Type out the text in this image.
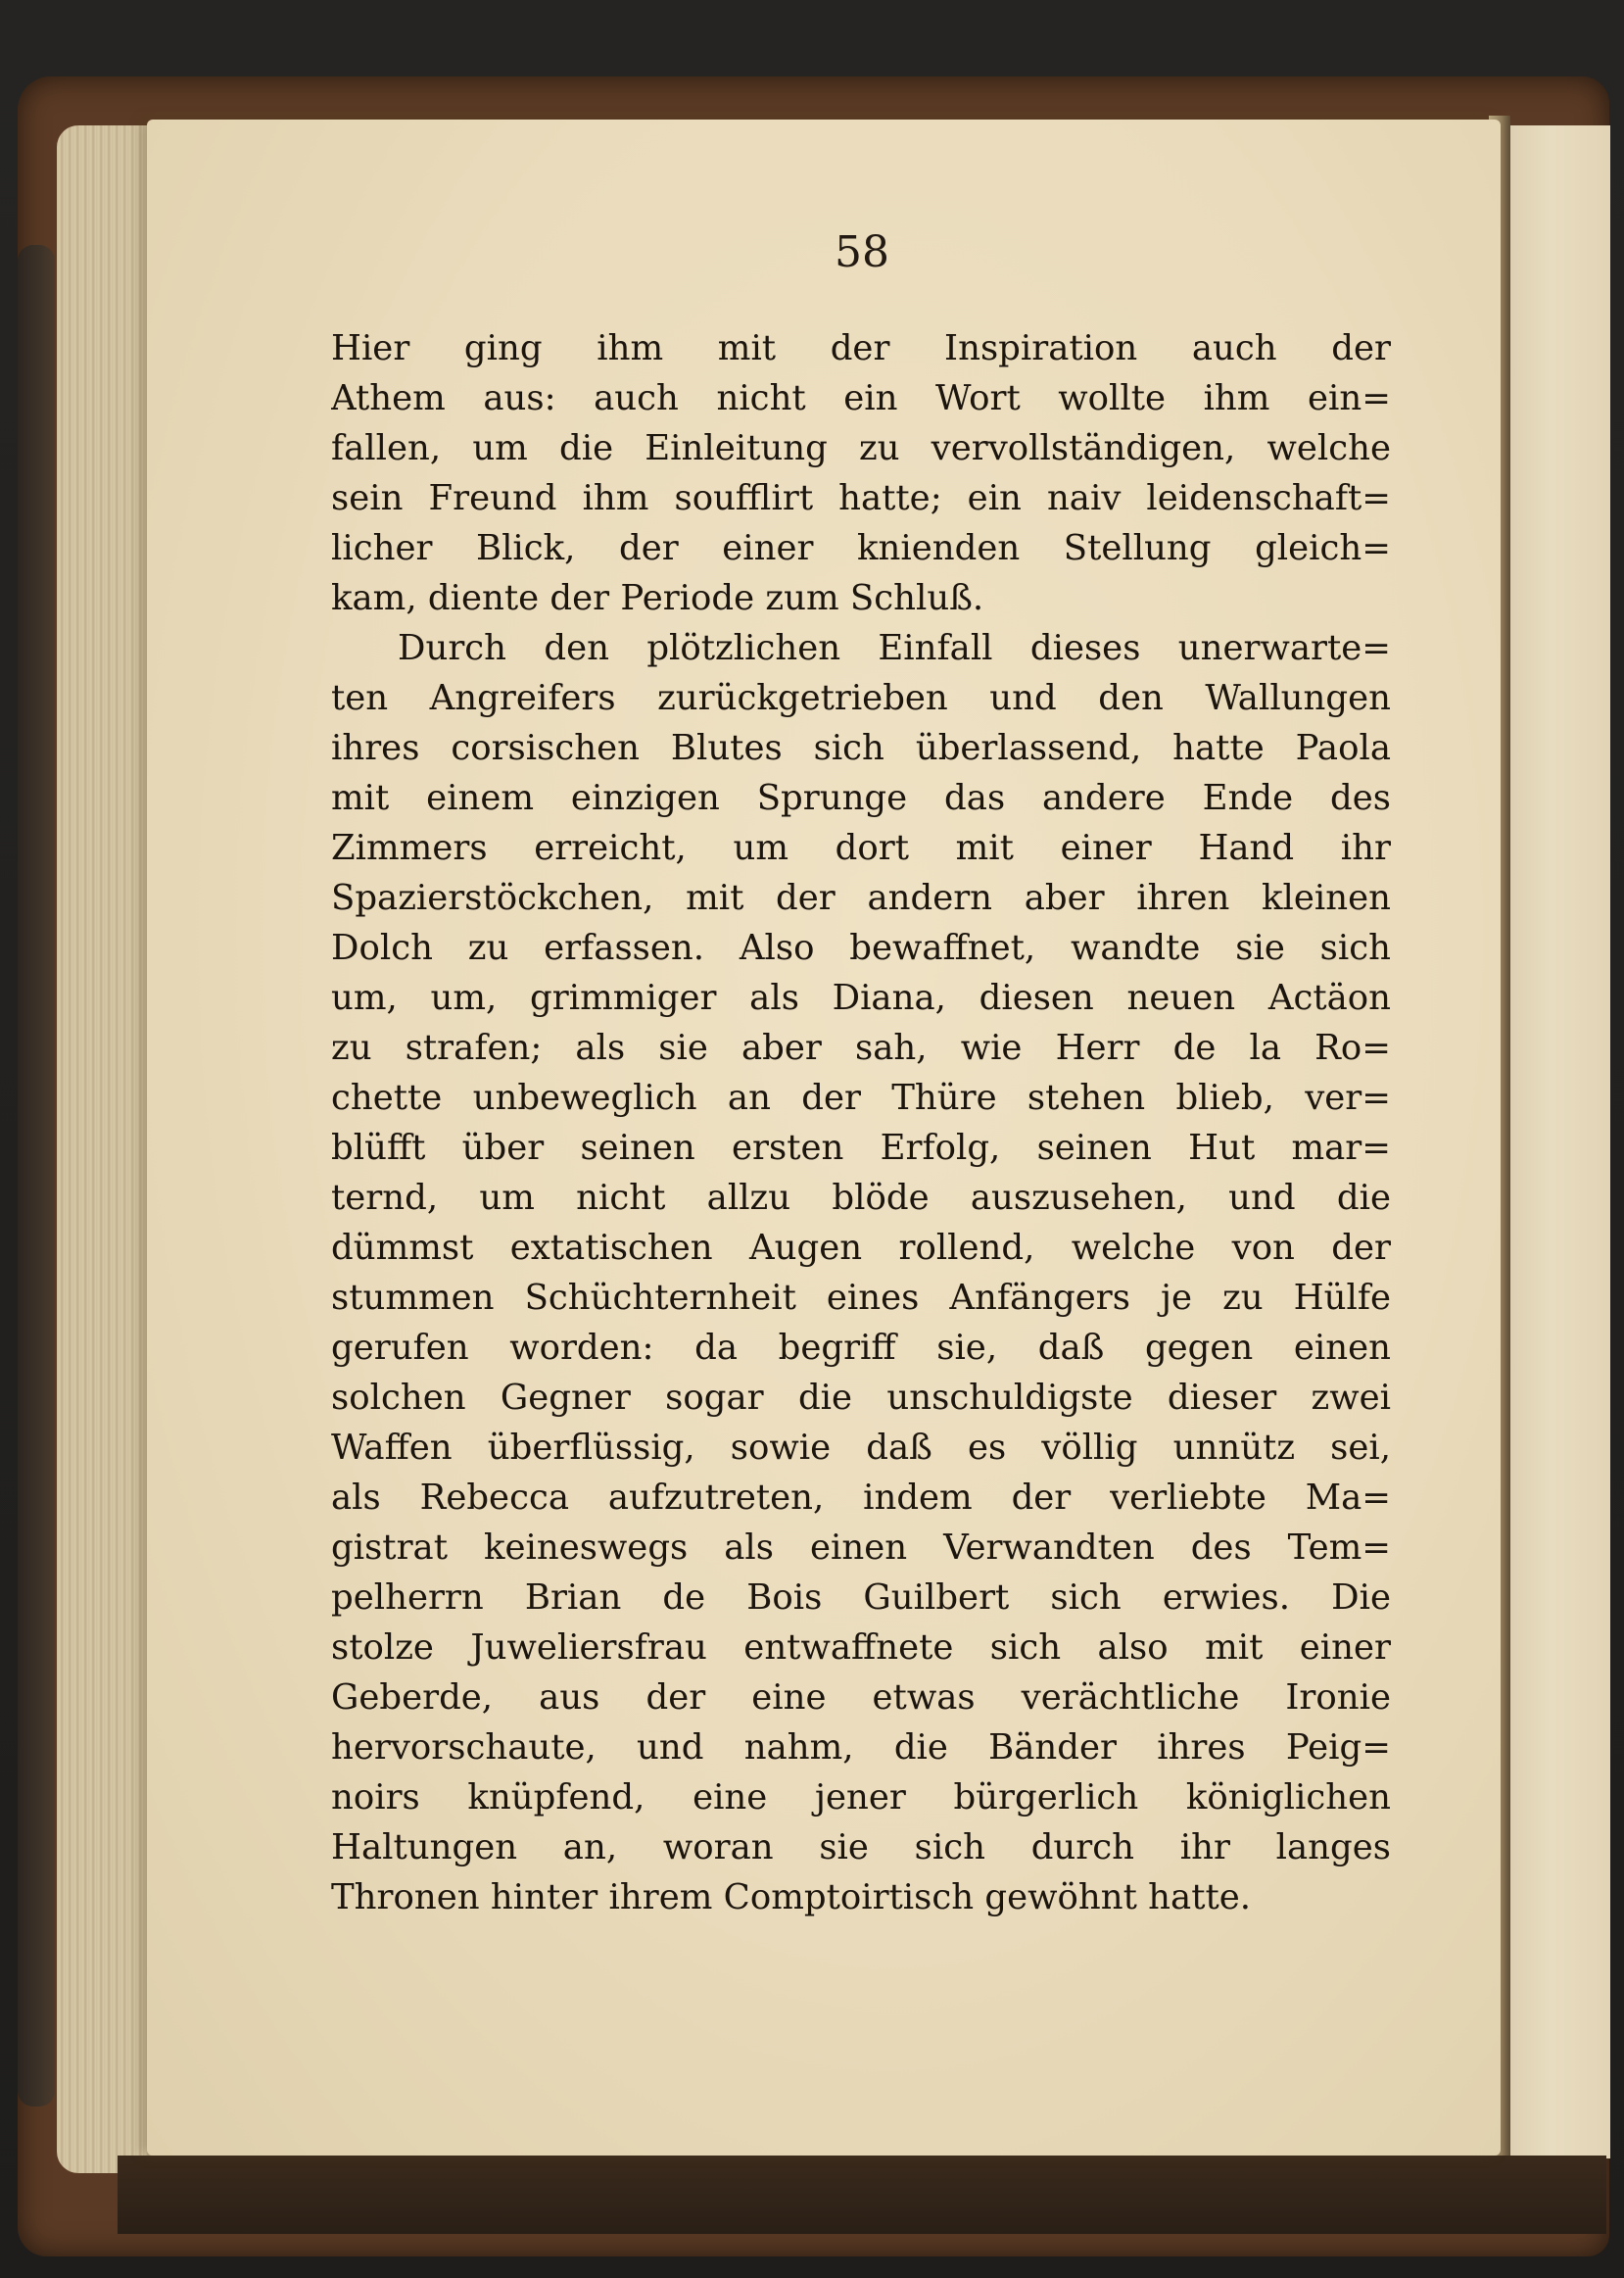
58
Hier ging ihm mit der Inspiration auch der
Athem aus: auch nicht ein Wort wollte ihm ein=
fallen, um die Einleitung zu vervollständigen, welche
sein Freund ihm soufflirt hatte; ein naiv leidenschaft=
licher Blick, der einer knienden Stellung gleich=
kam, diente der Periode zum Schluß.
Durch den plötzlichen Einfall dieses unerwarte=
ten Angreifers zurückgetrieben und den Wallungen
ihres corsischen Blutes sich überlassend, hatte Paola
mit einem einzigen Sprunge das andere Ende des
Zimmers erreicht, um dort mit einer Hand ihr
Spazierstöckchen, mit der andern aber ihren kleinen
Dolch zu erfassen. Also bewaffnet, wandte sie sich
um, um, grimmiger als Diana, diesen neuen Actäon
zu strafen; als sie aber sah, wie Herr de la Ro=
chette unbeweglich an der Thüre stehen blieb, ver=
blüfft über seinen ersten Erfolg, seinen Hut mar=
ternd, um nicht allzu blöde auszusehen, und die
dümmst extatischen Augen rollend, welche von der
stummen Schüchternheit eines Anfängers je zu Hülfe
gerufen worden: da begriff sie, daß gegen einen
solchen Gegner sogar die unschuldigste dieser zwei
Waffen überflüssig, sowie daß es völlig unnütz sei,
als Rebecca aufzutreten, indem der verliebte Ma=
gistrat keineswegs als einen Verwandten des Tem=
pelherrn Brian de Bois Guilbert sich erwies. Die
stolze Juweliersfrau entwaffnete sich also mit einer
Geberde, aus der eine etwas verächtliche Ironie
hervorschaute, und nahm, die Bänder ihres Peig=
noirs knüpfend, eine jener bürgerlich königlichen
Haltungen an, woran sie sich durch ihr langes
Thronen hinter ihrem Comptoirtisch gewöhnt hatte.
